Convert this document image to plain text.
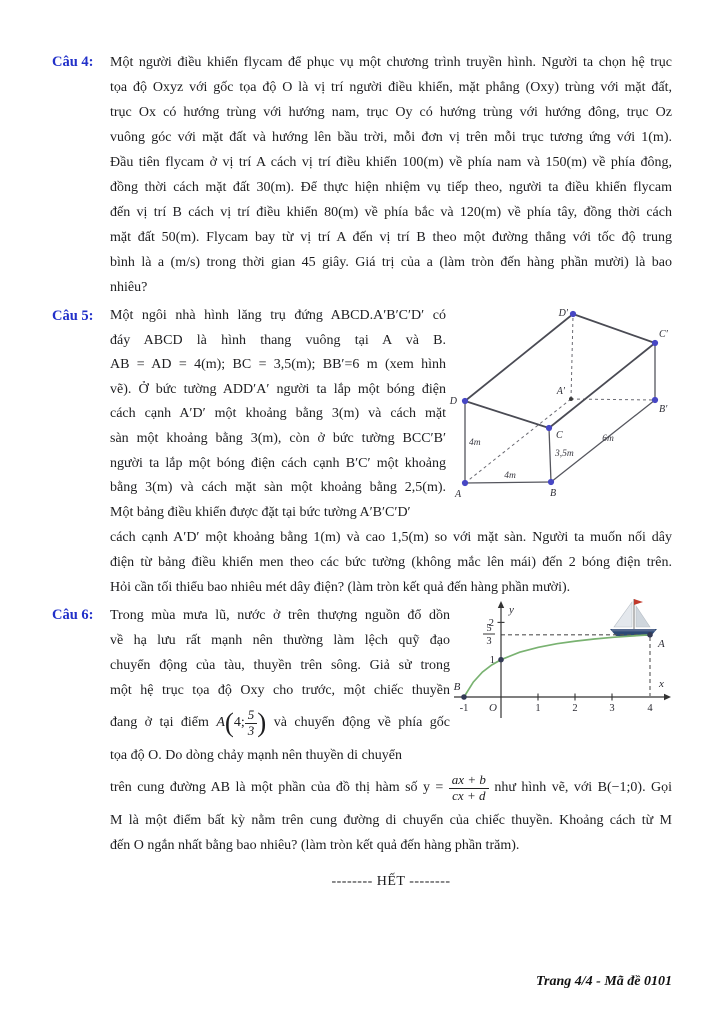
Câu 4:	Một người điều khiển flycam để phục vụ một chương trình truyền hình. Người ta chọn hệ trục
tọa độ Oxyz với gốc tọa độ O là vị trí người điều khiển, mặt phẳng (Oxy) trùng với mặt đất,
trục Ox có hướng trùng với hướng nam, trục Oy có hướng trùng với hướng đông, trục Oz
vuông góc với mặt đất và hướng lên bầu trời, mỗi đơn vị trên mỗi trục tương ứng với 1(m).
Đầu tiên flycam ở vị trí A cách vị trí điều khiển 100(m) về phía nam và 150(m) về phía đông,
đồng thời cách mặt đất 30(m). Để thực hiện nhiệm vụ tiếp theo, người ta điều khiển flycam
đến vị trí B cách vị trí điều khiển 80(m) về phía bắc và 120(m) về phía tây, đồng thời cách
mặt đất 50(m). Flycam bay từ vị trí A đến vị trí B theo một đường thẳng với tốc độ trung
bình là a (m/s) trong thời gian 45 giây. Giá trị của a (làm tròn đến hàng phần mười) là bao
nhiêu?
Câu 5:	Một ngôi nhà hình lăng trụ đứng ABCD.A′B′C′D′ có
đáy ABCD là hình thang vuông tại A và B.
AB = AD = 4(m); BC = 3,5(m); BB′=6 m (xem hình
vẽ). Ở bức tường ADD′A′ người ta lắp một bóng điện
cách cạnh A′D′ một khoảng bằng 3(m) và cách mặt
sàn một khoảng bằng 3(m), còn ở bức tường BCC′B′
người ta lắp một bóng điện cách cạnh B′C′ một khoảng
bằng 3(m) và cách mặt sàn một khoảng bằng 2,5(m).
Một bảng điều khiển được đặt tại bức tường A′B′C′D′
A	B
C
D
A′
B′
C′
D′
4m
4m
3,5m
6m
cách cạnh A′D′ một khoảng bằng 1(m) và cao 1,5(m) so với mặt sàn. Người ta muốn nối dây
điện từ bảng điều khiển men theo các bức tường (không mắc lên mái) đến 2 bóng điện trên.
Hỏi cần tối thiểu bao nhiêu mét dây điện? (làm tròn kết quả đến hàng phần mười).
Câu 6:	Trong mùa mưa lũ, nước ở trên thượng nguồn đổ dồn
về hạ lưu rất mạnh nên thường làm lệch quỹ đạo
chuyển động của tàu, thuyền trên sông. Giả sử trong
một hệ trục tọa độ Oxy cho trước, một chiếc thuyền
đang ở tại điểm A(4; $\frac{5}{3}$ ) và chuyển động về phía gốc
tọa độ O. Do dòng chảy mạnh nên thuyền di chuyển
y
x
O
-1	1	2	3	4
1
2
5
3
B
A
trên cung đường AB là một phần của đồ thị hàm số $y = \frac{ax + b}{cx + d}$ như hình vẽ, với B(−1;0). Gọi
M là một điểm bất kỳ nằm trên cung đường di chuyển của chiếc thuyền. Khoảng cách từ M
đến O ngắn nhất bằng bao nhiêu? (làm tròn kết quả đến hàng phần trăm).
-------- HẾT --------
Trang 4/4 - Mã đề 0101
